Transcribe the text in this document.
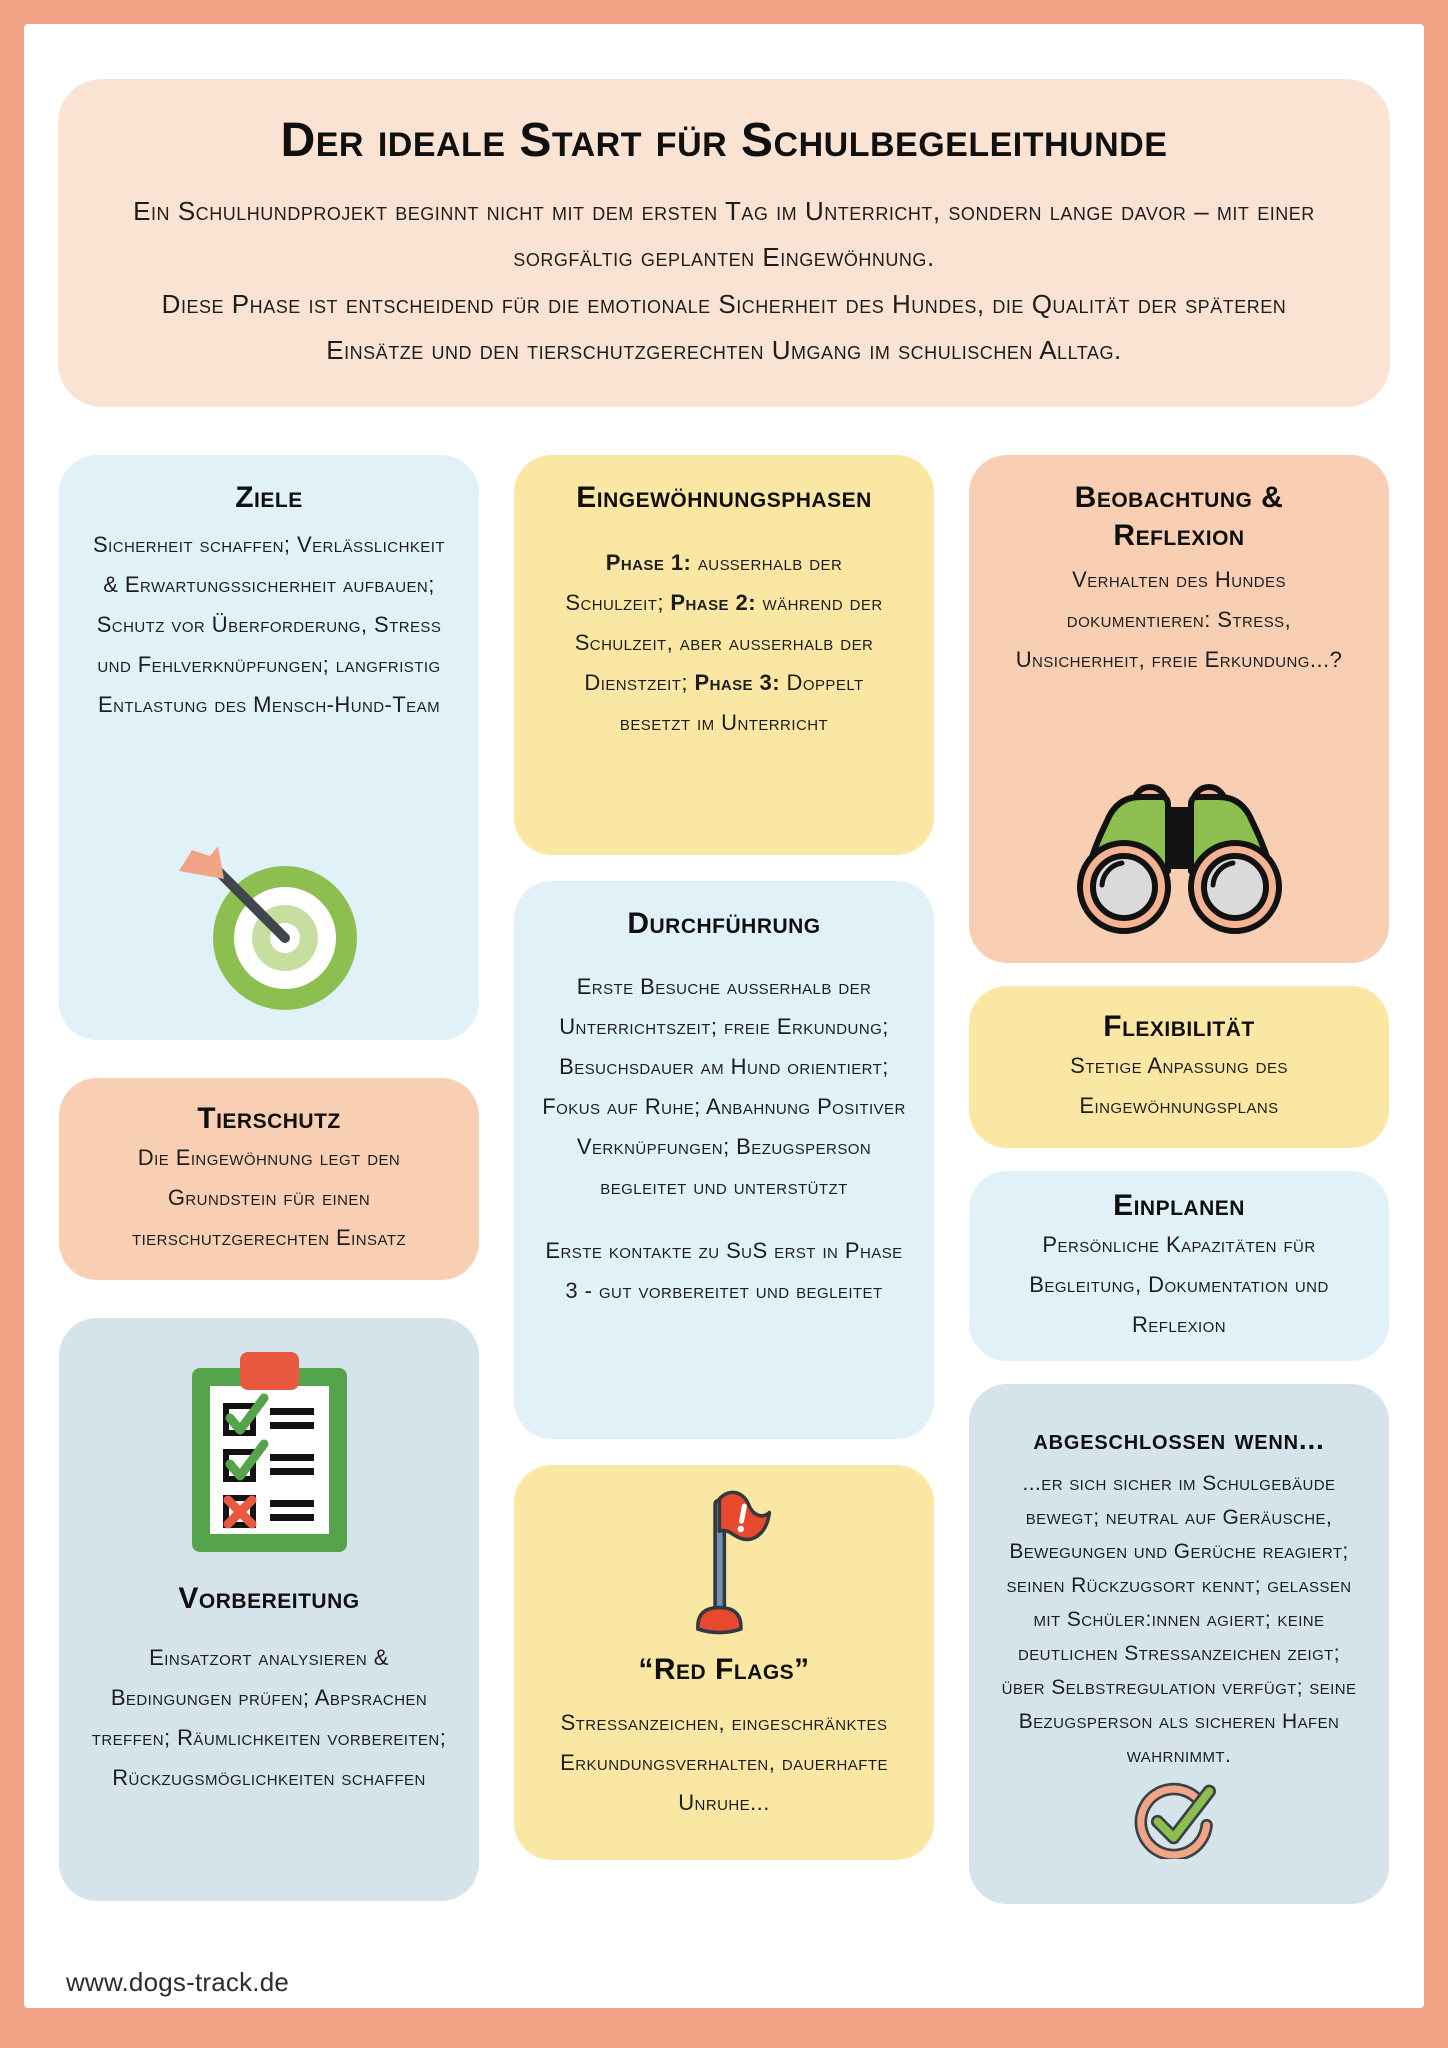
Der ideale Start für Schulbegeleithunde

Ein Schulhundprojekt beginnt nicht mit dem ersten Tag im Unterricht, sondern lange davor – mit einer sorgfältig geplanten Eingewöhnung.

Diese Phase ist entscheidend für die emotionale Sicherheit des Hundes, die Qualität der späteren Einsätze und den tierschutzgerechten Umgang im schulischen Alltag.

Ziele

Sicherheit schaffen; Verlässlichkeit & Erwartungssicherheit aufbauen; Schutz vor Überforderung, Stress und Fehlverknüpfungen; langfristig Entlastung des Mensch-Hund-Team

Tierschutz

Die Eingewöhnung legt den Grundstein für einen tierschutzgerechten Einsatz

Vorbereitung

Einsatzort analysieren & Bedingungen prüfen; Abpsrachen treffen; Räumlichkeiten vorbereiten; Rückzugsmöglichkeiten schaffen

Eingewöhnungsphasen

Phase 1: außerhalb der Schulzeit; Phase 2: während der Schulzeit, aber außerhalb der Dienstzeit; Phase 3: Doppelt besetzt im Unterricht

Durchführung

Erste Besuche außerhalb der Unterrichtszeit; freie Erkundung; Besuchsdauer am Hund orientiert; Fokus auf Ruhe; Anbahnung Positiver Verknüpfungen; Bezugsperson begleitet und unterstützt

Erste kontakte zu SuS erst in Phase 3 - gut vorbereitet und begleitet

“Red Flags”

Stressanzeichen, eingeschränktes Erkundungsverhalten, dauerhafte Unruhe...

Beobachtung & Reflexion

Verhalten des Hundes dokumentieren: Stress, Unsicherheit, freie Erkundung...?

Flexibilität

Stetige Anpassung des Eingewöhnungsplans

Einplanen

Persönliche Kapazitäten für Begleitung, Dokumentation und Reflexion

abgeschlossen wenn...

...er sich sicher im Schulgebäude bewegt; neutral auf Geräusche, Bewegungen und Gerüche reagiert; seinen Rückzugsort kennt; gelassen mit Schüler:innen agiert; keine deutlichen Stressanzeichen zeigt; über Selbstregulation verfügt; seine Bezugsperson als sicheren Hafen wahrnimmt.

www.dogs-track.de
